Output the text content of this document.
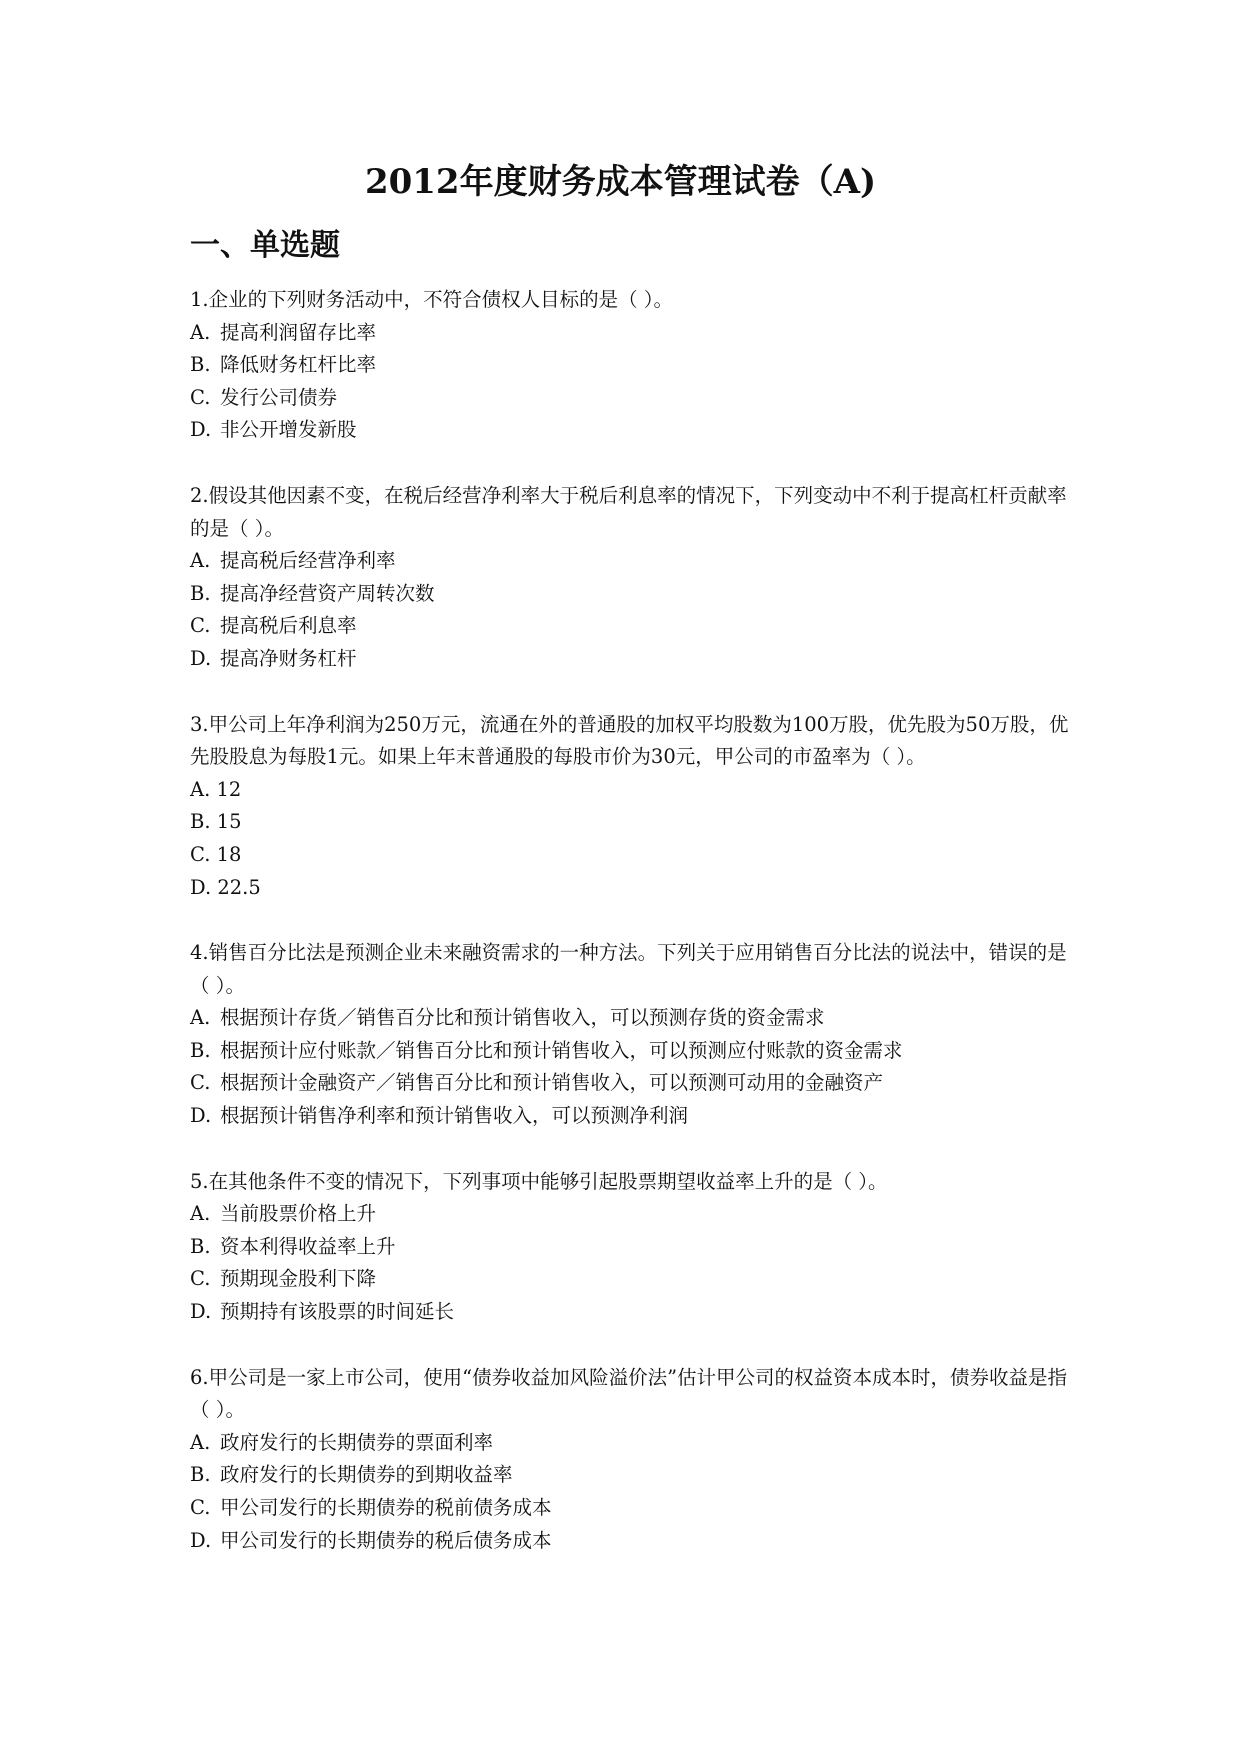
2012年度财务成本管理试卷（A)
一、单选题

1.企业的下列财务活动中，不符合债权人目标的是（ ）。

A. 提高利润留存比率
B. 降低财务杠杆比率
C. 发行公司债券
D. 非公开增发新股

2.假设其他因素不变，在税后经营净利率大于税后利息率的情况下，下列变动中不利于提高杠杆贡献率的是（ ）。

A. 提高税后经营净利率
B. 提高净经营资产周转次数
C. 提高税后利息率
D. 提高净财务杠杆

3.甲公司上年净利润为250万元，流通在外的普通股的加权平均股数为100万股，优先股为50万股，优先股股息为每股1元。如果上年末普通股的每股市价为30元，甲公司的市盈率为（ ）。

A. 12
B. 15
C. 18
D. 22.5

4.销售百分比法是预测企业未来融资需求的一种方法。下列关于应用销售百分比法的说法中，错误的是（ ）。

A. 根据预计存货／销售百分比和预计销售收入，可以预测存货的资金需求
B. 根据预计应付账款／销售百分比和预计销售收入，可以预测应付账款的资金需求
C. 根据预计金融资产／销售百分比和预计销售收入，可以预测可动用的金融资产
D. 根据预计销售净利率和预计销售收入，可以预测净利润

5.在其他条件不变的情况下，下列事项中能够引起股票期望收益率上升的是（ ）。

A. 当前股票价格上升
B. 资本利得收益率上升
C. 预期现金股利下降
D. 预期持有该股票的时间延长

6.甲公司是一家上市公司，使用“债券收益加风险溢价法”估计甲公司的权益资本成本时，债券收益是指（ ）。

A. 政府发行的长期债券的票面利率
B. 政府发行的长期债券的到期收益率
C. 甲公司发行的长期债券的税前债务成本
D. 甲公司发行的长期债券的税后债务成本
